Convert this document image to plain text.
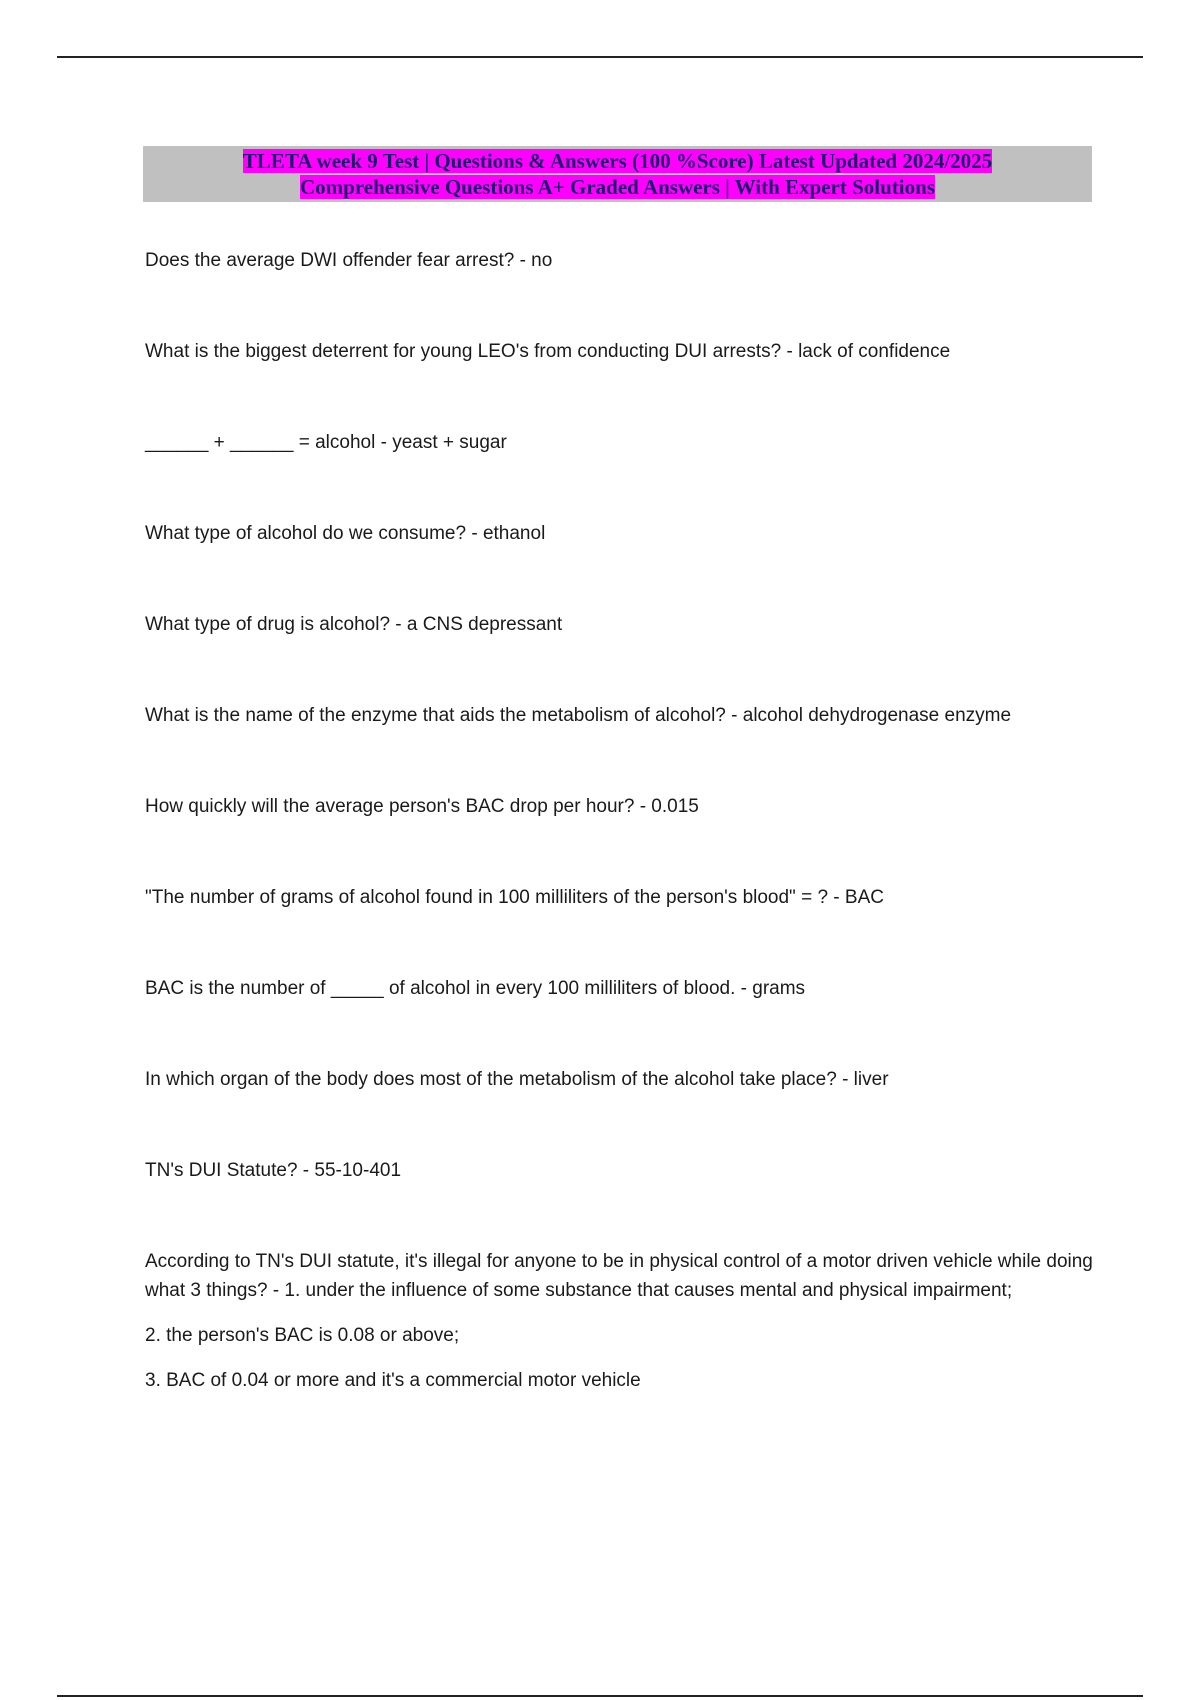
TLETA week 9 Test | Questions & Answers (100 %Score) Latest Updated 2024/2025
Comprehensive Questions A+ Graded Answers | With Expert Solutions
Does the average DWI offender fear arrest? - no
What is the biggest deterrent for young LEO's from conducting DUI arrests? - lack of confidence
______ + ______ = alcohol - yeast + sugar
What type of alcohol do we consume? - ethanol
What type of drug is alcohol? - a CNS depressant
What is the name of the enzyme that aids the metabolism of alcohol? - alcohol dehydrogenase enzyme
How quickly will the average person's BAC drop per hour? - 0.015
"The number of grams of alcohol found in 100 milliliters of the person's blood" = ? - BAC
BAC is the number of _____ of alcohol in every 100 milliliters of blood. - grams
In which organ of the body does most of the metabolism of the alcohol take place? - liver
TN's DUI Statute? - 55-10-401
According to TN's DUI statute, it's illegal for anyone to be in physical control of a motor driven vehicle while doing what 3 things? - 1. under the influence of some substance that causes mental and physical impairment;
2. the person's BAC is 0.08 or above;
3. BAC of 0.04 or more and it's a commercial motor vehicle
